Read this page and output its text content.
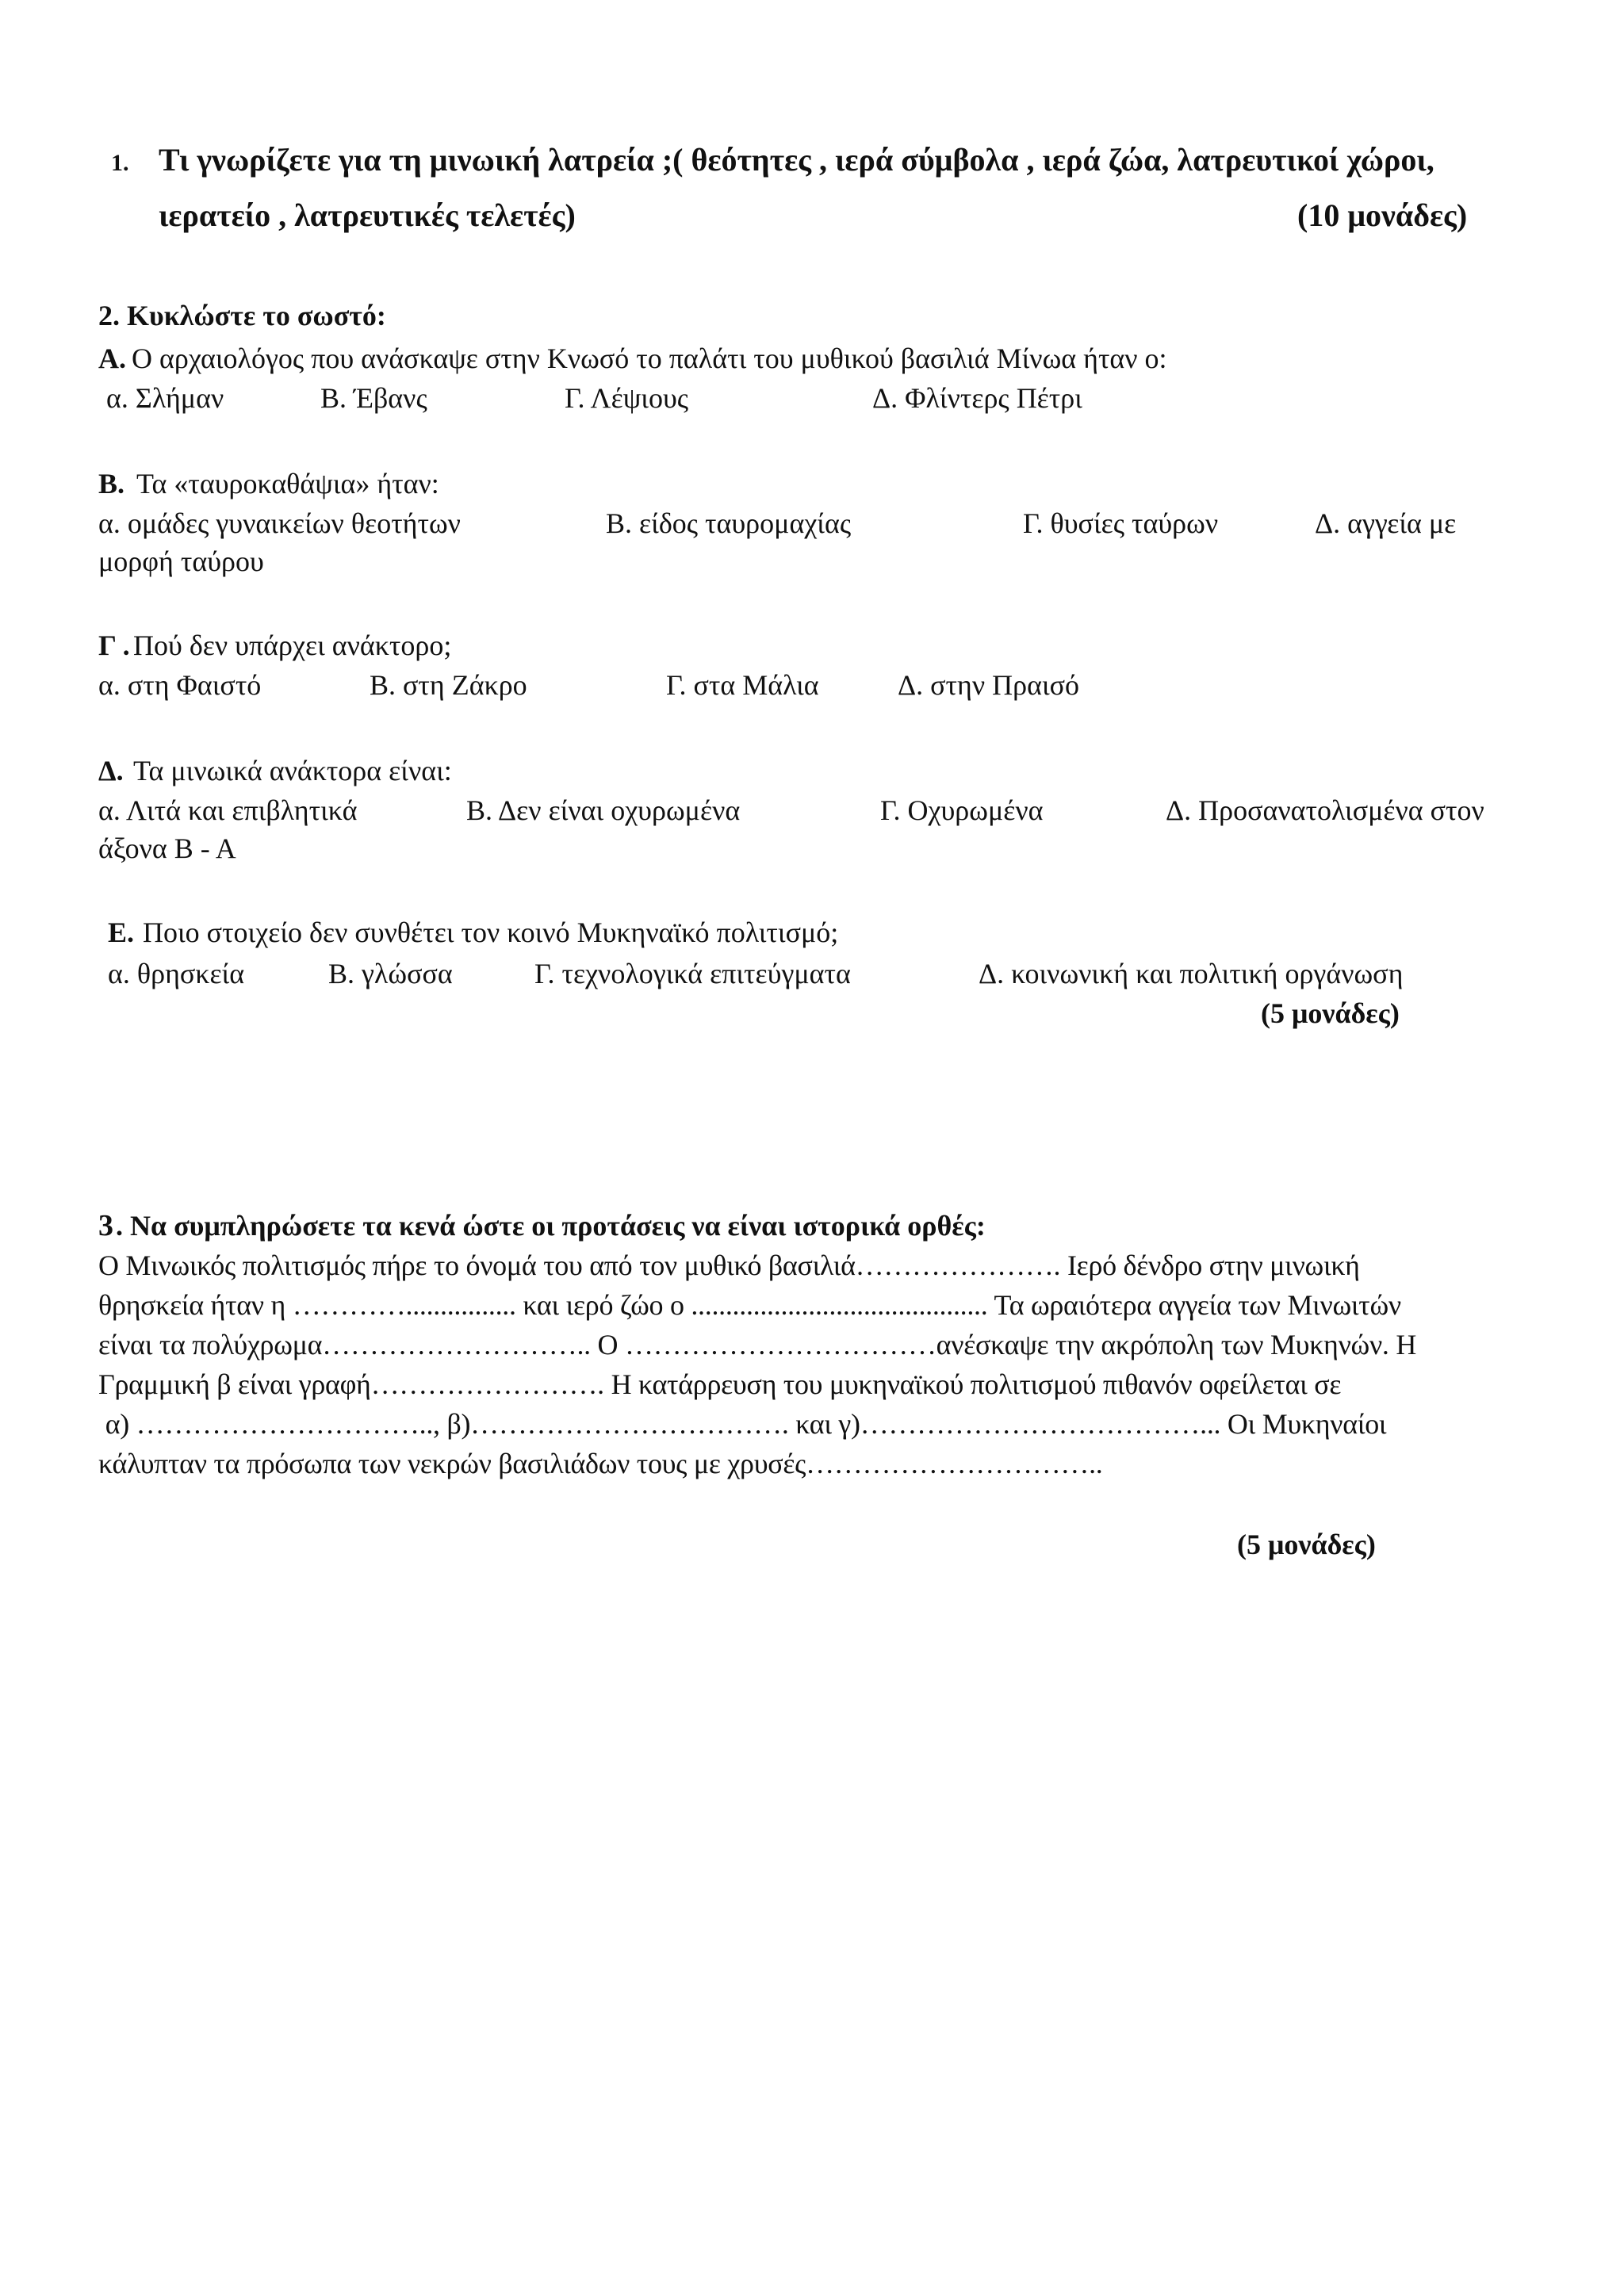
1. Τι γνωρίζετε για τη μινωική λατρεία ;( θεότητες , ιερά σύμβολα , ιερά ζώα, λατρευτικοί χώροι,
ιερατείο , λατρευτικές τελετές)	(10 μονάδες)
2. Κυκλώστε το σωστό:
Α. Ο αρχαιολόγος που ανάσκαψε στην Κνωσό το παλάτι του μυθικού βασιλιά Μίνωα ήταν ο:
α. Σλήμαν	Β. Έβανς	Γ. Λέψιους	Δ. Φλίντερς Πέτρι
Β. Τα «ταυροκαθάψια» ήταν:
α. ομάδες γυναικείων θεοτήτων	Β. είδος ταυρομαχίας	Γ. θυσίες ταύρων	Δ. αγγεία με
μορφή ταύρου
Γ . Πού δεν υπάρχει ανάκτορο;
α. στη Φαιστό	Β. στη Ζάκρο	Γ. στα Μάλια	Δ. στην Πραισό
Δ. Τα μινωικά ανάκτορα είναι:
α. Λιτά και επιβλητικά	Β. Δεν είναι οχυρωμένα	Γ. Οχυρωμένα	Δ. Προσανατολισμένα στον
άξονα Β - Α
Ε. Ποιο στοιχείο δεν συνθέτει τον κοινό Μυκηναϊκό πολιτισμό;
α. θρησκεία	Β. γλώσσα	Γ. τεχνολογικά επιτεύγματα	Δ. κοινωνική και πολιτική οργάνωση
(5 μονάδες)
3 . Να συμπληρώσετε τα κενά ώστε οι προτάσεις να είναι ιστορικά ορθές:
Ο Μινωικός πολιτισμός πήρε το όνομά του από τον μυθικό βασιλιά…………………. Ιερό δένδρο στην μινωική
θρησκεία ήταν η …………................ και ιερό ζώο ο ........................................... Τα ωραιότερα αγγεία των Μινωιτών
είναι τα πολύχρωμα……………………….. Ο ……………………………ανέσκαψε την ακρόπολη των Μυκηνών. Η
Γραμμική β είναι γραφή……………………. Η κατάρρευση του μυκηναϊκού πολιτισμού πιθανόν οφείλεται σε
α) ………………………….., β)……………………………. και γ)………………………………... Οι Μυκηναίοι
κάλυπταν τα πρόσωπα των νεκρών βασιλιάδων τους με χρυσές…………………………..
(5 μονάδες)
